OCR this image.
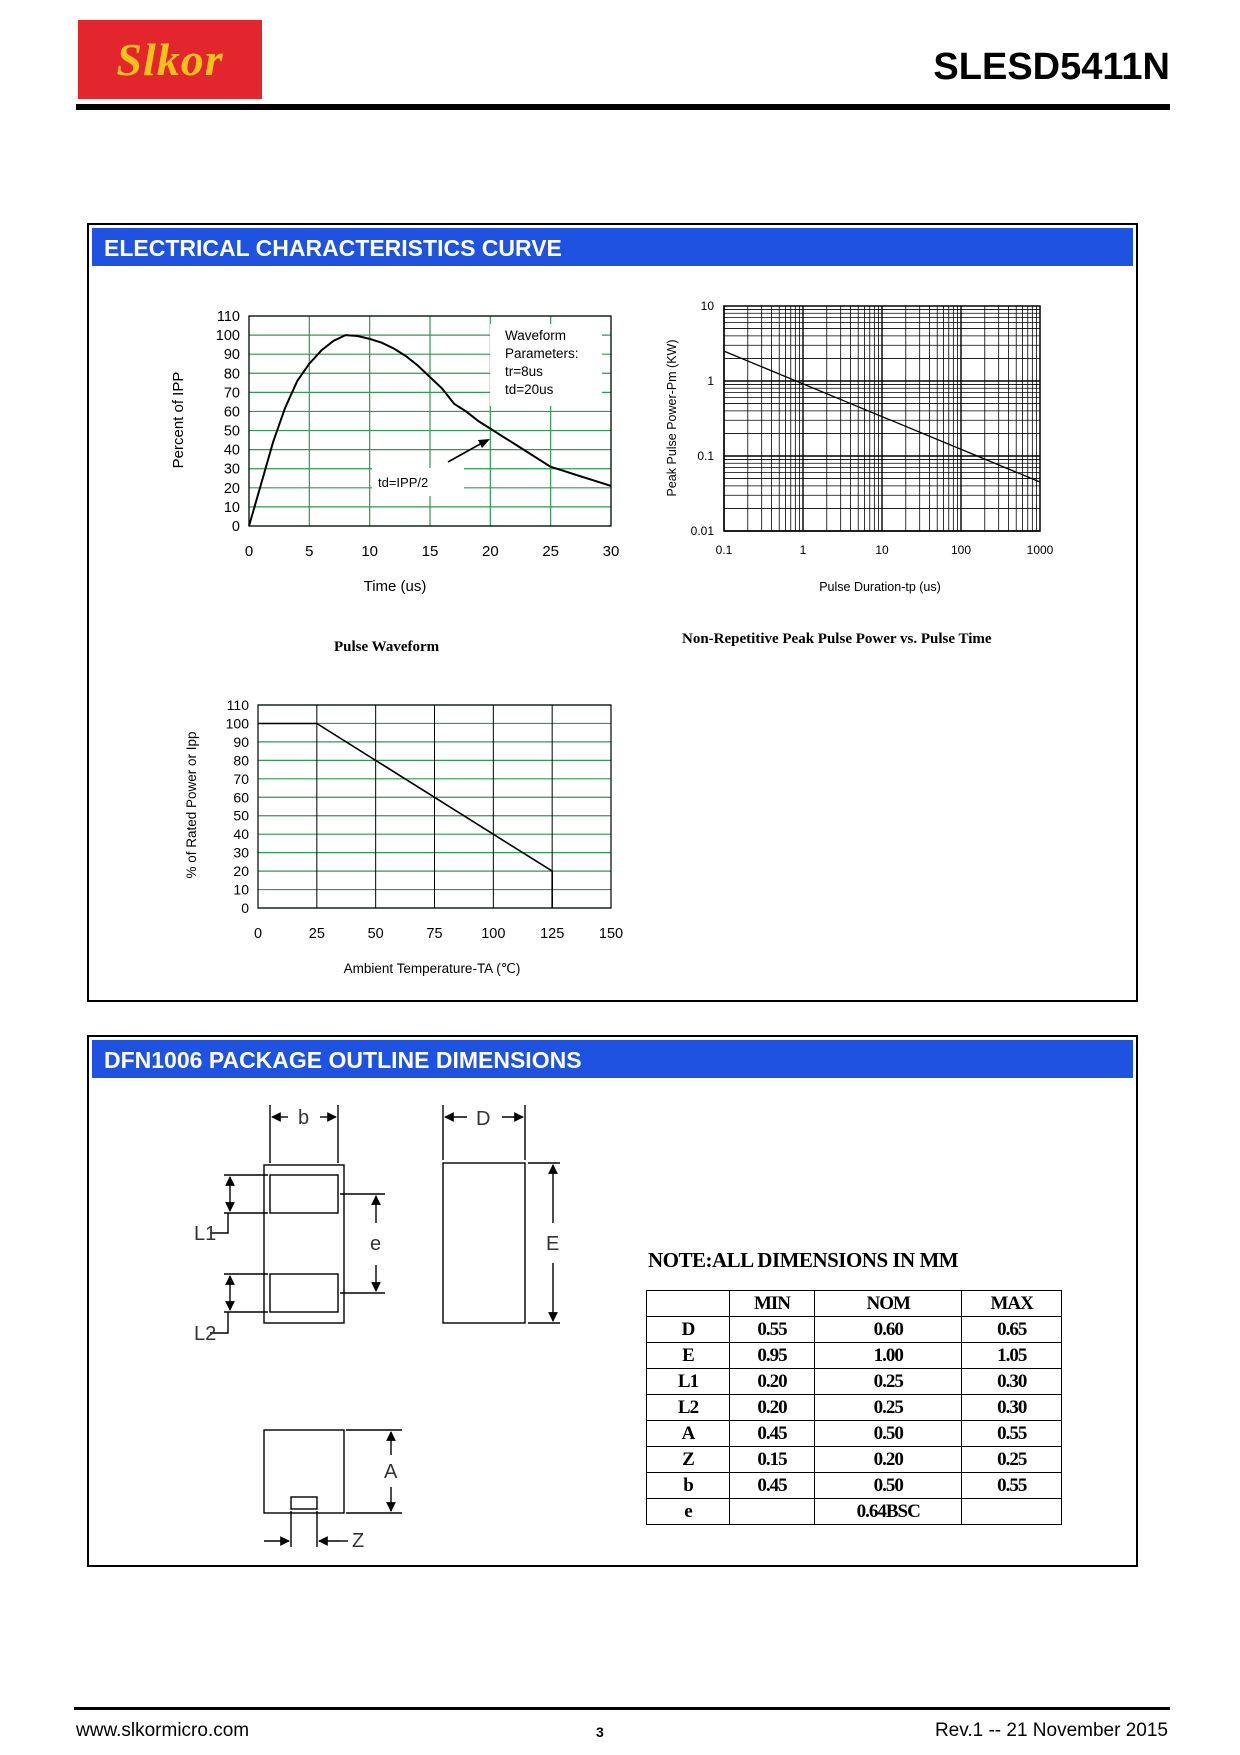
Slkor	SLESD5411N
ELECTRICAL CHARACTERISTICS CURVE
0
10
20
30
40
50
60
70
80
90
100
110
0	5	10	15	20	25	30
Time (us)
Percent of IPP
Waveform
Parameters:
tr=8us
td=20us
td=IPP/2
Pulse Waveform
0.01
0.1
1
10
0.1	1	10	100	1000
Pulse Duration-tp (us)
Peak Pulse Power-Pm (KW)
Non-Repetitive Peak Pulse Power vs. Pulse Time
0
10
20
30
40
50
60
70
80
90
100
110
0	25	50	75	100 125 150
Ambient Temperature-TA (℃)
% of Rated Power or Ipp
DFN1006 PACKAGE OUTLINE DIMENSIONS
b
L1
L2
e
D
E
A
Z
NOTE:ALL DIMENSIONS IN MM
	MIN	NOM	MAX
D	0.55	0.60	0.65
E	0.95	1.00	1.05
L1	0.20	0.25	0.30
L2	0.20	0.25	0.30
A	0.45	0.50	0.55
Z	0.15	0.20	0.25
b	0.45	0.50	0.55
e		0.64BSC	
www.slkormicro.com	3	Rev.1 -- 21 November 2015
